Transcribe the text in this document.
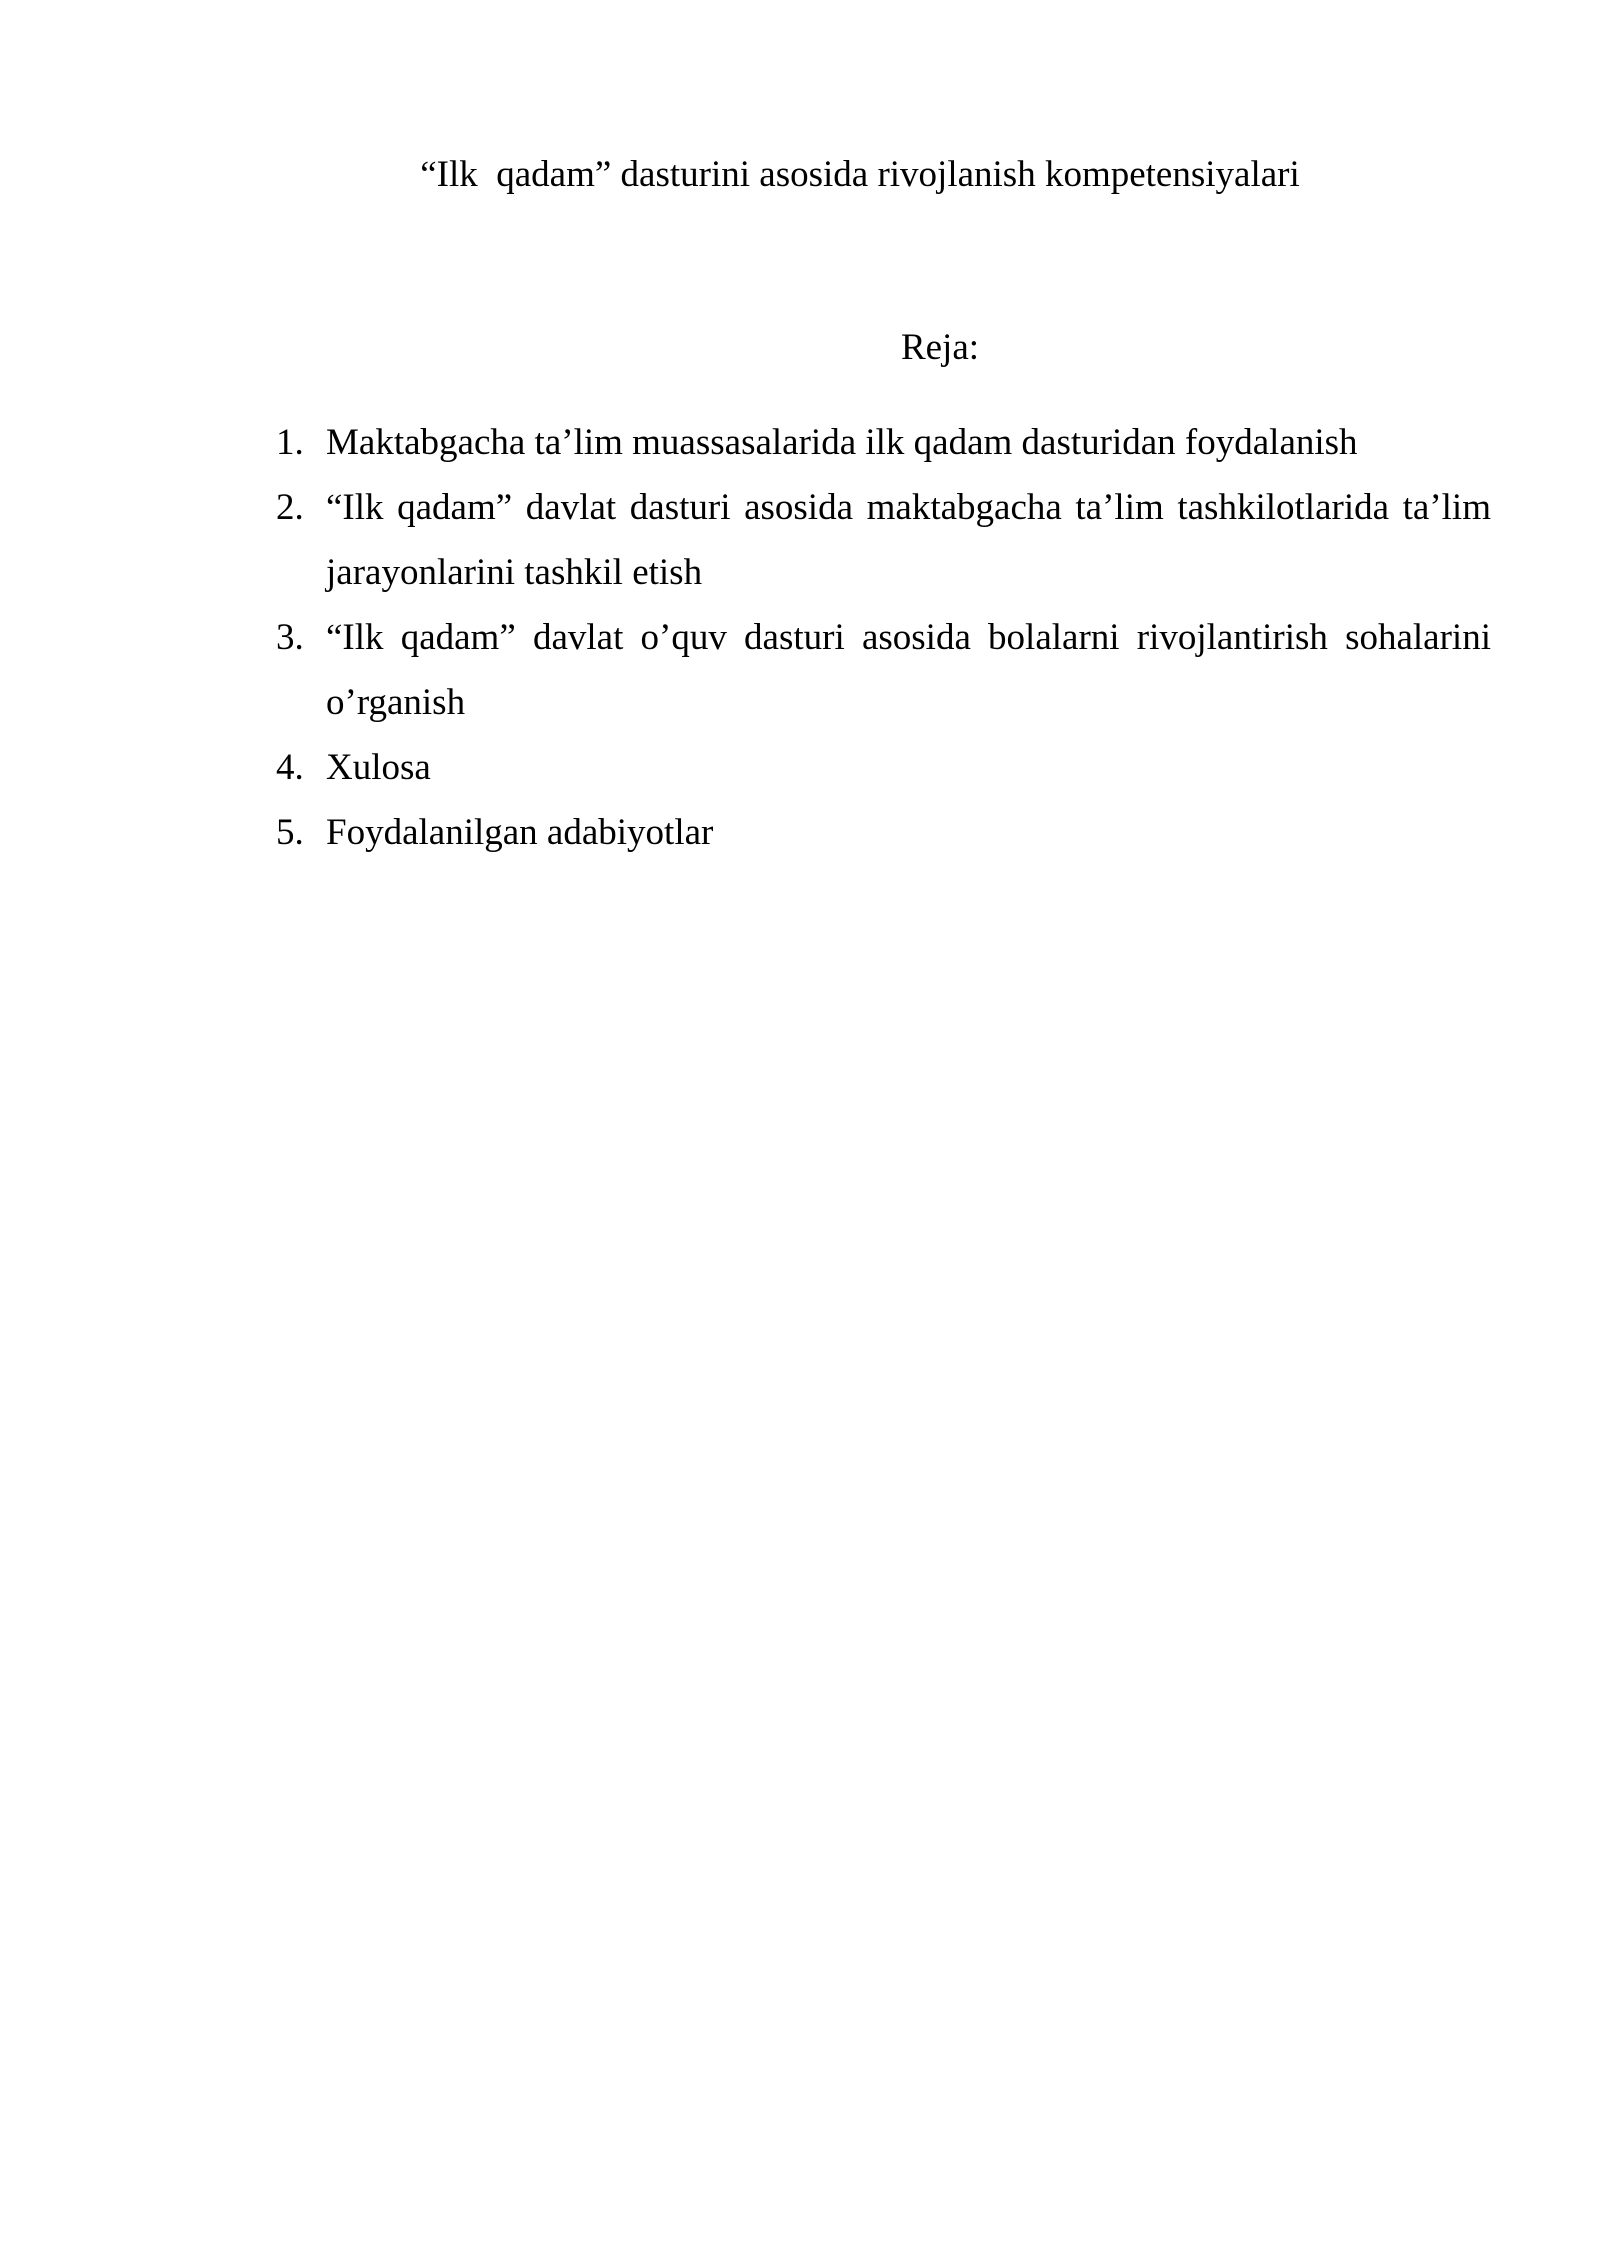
“Ilk  qadam” dasturini asosida rivojlanish kompetensiyalari
Reja:
1. Maktabgacha ta’lim muassasalarida ilk qadam dasturidan foydalanish
2. “Ilk qadam” davlat dasturi asosida maktabgacha ta’lim tashkilotlarida ta’lim jarayonlarini tashkil etish
3. “Ilk qadam” davlat o’quv dasturi asosida bolalarni rivojlantirish sohalarini o’rganish
4. Xulosa
5. Foydalanilgan adabiyotlar
